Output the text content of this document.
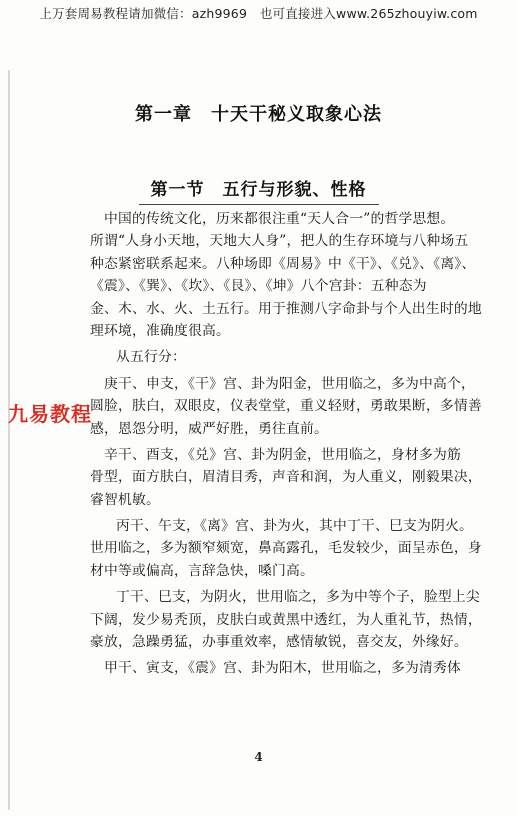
上万套周易教程请加微信：azh9969　也可直接进入www.265zhouyiw.com
第一章　十天干秘义取象心法
第一节　五行与形貌、性格
中国的传统文化，历来都很注重“天人合一”的哲学思想。
所谓“人身小天地，天地大人身”，把人的生存环境与八种场五
种态紧密联系起来。八种场即《周易》中《干》、《兑》、《离》、
《震》、《巽》、《坎》、《艮》、《坤》八个宫卦：五种态为
金、木、水、火、土五行。用于推测八字命卦与个人出生时的地
理环境，准确度很高。
从五行分：
庚干、申支，《干》宫、卦为阳金，世用临之，多为中高个，
圆脸，肤白，双眼皮，仪表堂堂，重义轻财，勇敢果断，多情善
感，恩怨分明，威严好胜，勇往直前。
辛干、酉支，《兑》宫、卦为阴金，世用临之，身材多为筋
骨型，面方肤白，眉清目秀，声音和润，为人重义，刚毅果决，
睿智机敏。
丙干、午支，《离》宫、卦为火，其中丁干、巳支为阴火。
世用临之，多为额窄颏宽，鼻高露孔，毛发较少，面呈赤色，身
材中等或偏高，言辞急快，嗓门高。
丁干、巳支，为阴火，世用临之，多为中等个子，脸型上尖
下阔，发少易秃顶，皮肤白或黄黑中透红，为人重礼节，热情，
豪放，急躁勇猛，办事重效率，感情敏锐，喜交友，外缘好。
甲干、寅支，《震》宫、卦为阳木，世用临之，多为清秀体
九易教程
4
